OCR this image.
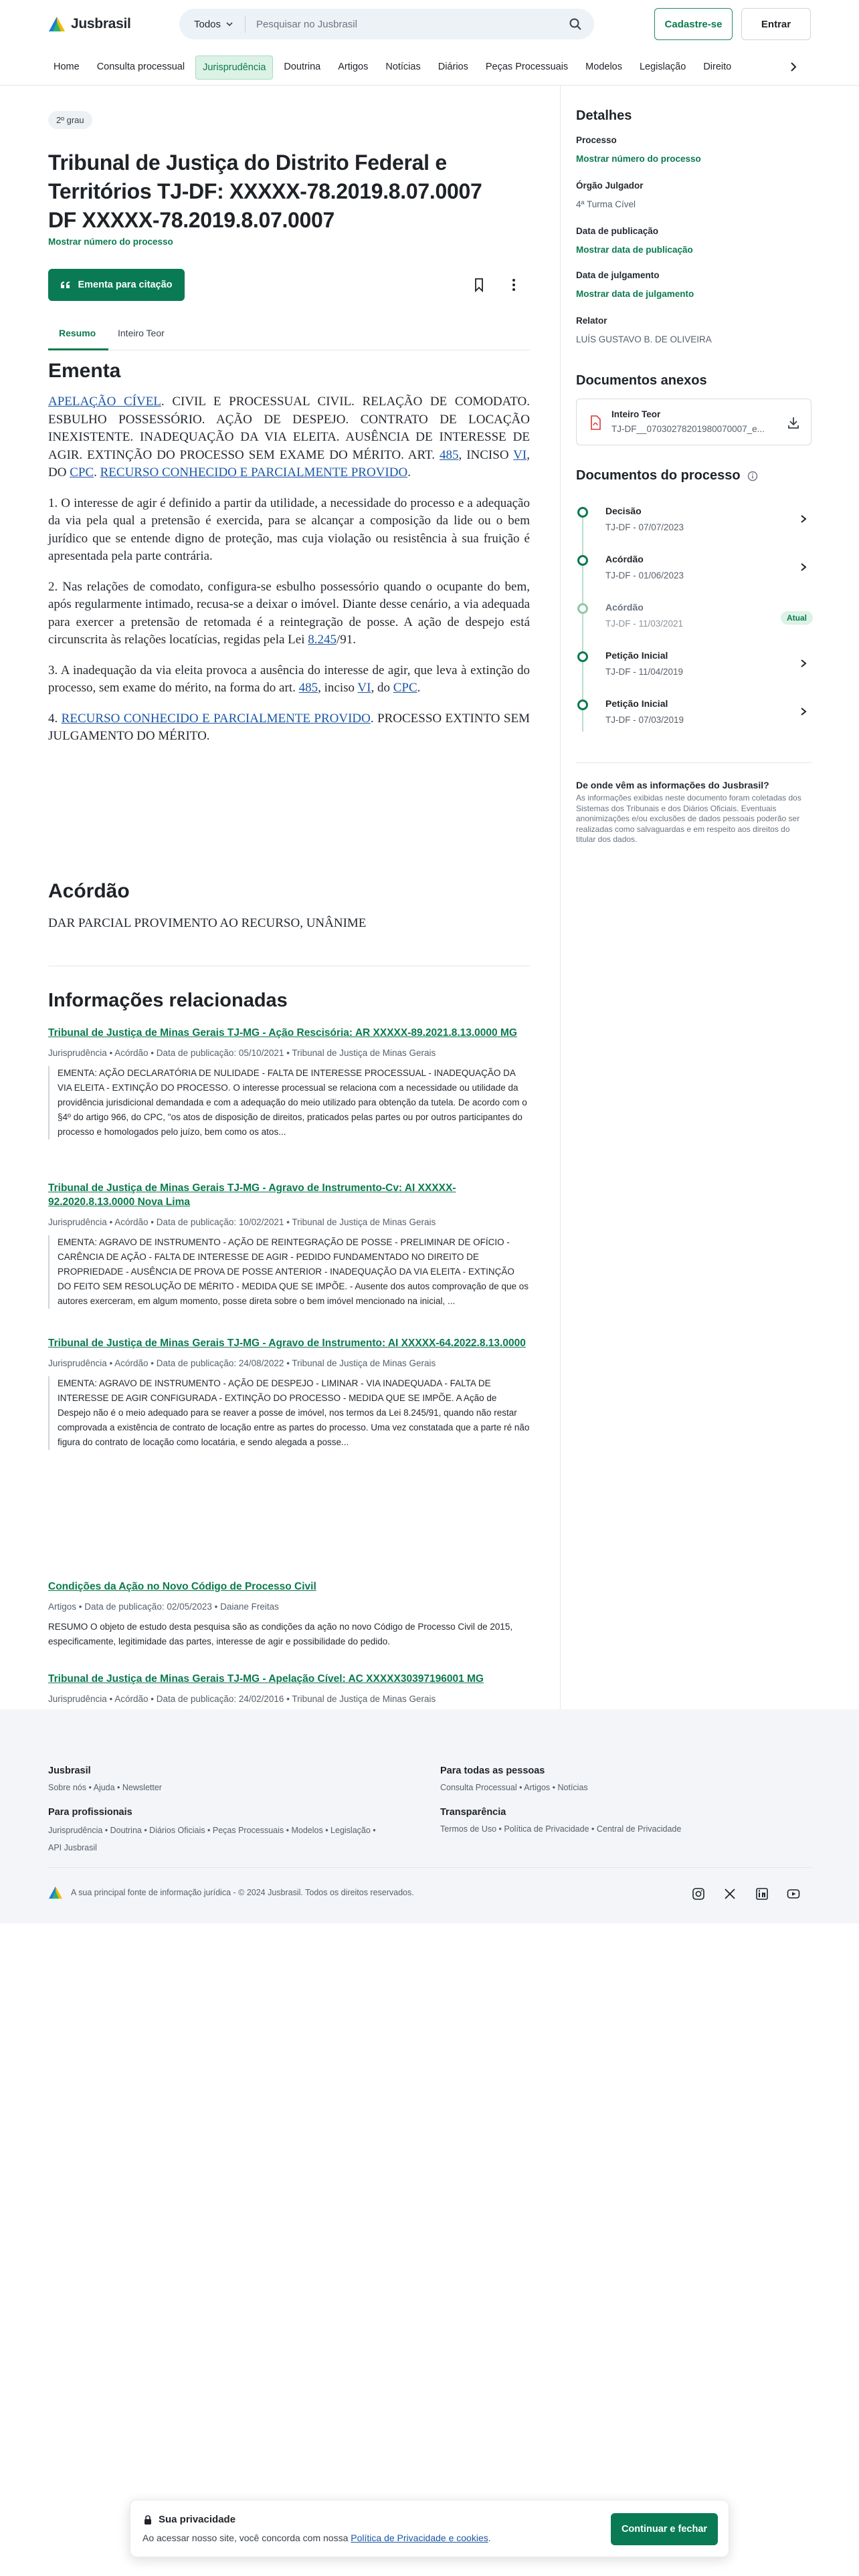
Jusbrasil	Todos
Pesquisar no Jusbrasil	Cadastre-se	Entrar
Home	Consulta processual	Jurisprudência	Doutrina	Artigos	Notícias	Diários	Peças Processuais	Modelos	Legislação	Direito
2º grau
Tribunal de Justiça do Distrito Federal e
Territórios TJ-DF: XXXXX-78.2019.8.07.0007
DF XXXXX-78.2019.8.07.0007
Mostrar número do processo
Ementa para citação
Resumo Inteiro Teor
Ementa

APELAÇÃO CÍVEL. CIVIL E PROCESSUAL CIVIL. RELAÇÃO DE COMODATO. ESBULHO POSSESSÓRIO. AÇÃO DE DESPEJO. CONTRATO DE LOCAÇÃO INEXISTENTE. INADEQUAÇÃO DA VIA ELEITA. AUSÊNCIA DE INTERESSE DE AGIR. EXTINÇÃO DO PROCESSO SEM EXAME DO MÉRITO. ART. 485, INCISO VI, DO CPC. RECURSO CONHECIDO E PARCIALMENTE PROVIDO.

1. O interesse de agir é definido a partir da utilidade, a necessidade do processo e a adequação da via pela qual a pretensão é exercida, para se alcançar a composição da lide ou o bem jurídico que se entende digno de proteção, mas cuja violação ou resistência à sua fruição é apresentada pela parte contrária.

2. Nas relações de comodato, configura-se esbulho possessório quando o ocupante do bem, após regularmente intimado, recusa-se a deixar o imóvel. Diante desse cenário, a via adequada para exercer a pretensão de retomada é a reintegração de posse. A ação de despejo está circunscrita às relações locatícias, regidas pela Lei 8.245/91.

3. A inadequação da via eleita provoca a ausência do interesse de agir, que leva à extinção do processo, sem exame do mérito, na forma do art. 485, inciso VI, do CPC.

4. RECURSO CONHECIDO E PARCIALMENTE PROVIDO. PROCESSO EXTINTO SEM JULGAMENTO DO MÉRITO.

Acórdão

DAR PARCIAL PROVIMENTO AO RECURSO, UNÂNIME

Informações relacionadas
Tribunal de Justiça de Minas Gerais TJ-MG - Ação Rescisória: AR XXXXX-89.2021.8.13.0000 MG
Jurisprudência • Acórdão • Data de publicação: 05/10/2021 • Tribunal de Justiça de Minas Gerais
EMENTA: AÇÃO DECLARATÓRIA DE NULIDADE - FALTA DE INTERESSE PROCESSUAL - INADEQUAÇÃO DA VIA ELEITA - EXTINÇÃO DO PROCESSO. O interesse processual se relaciona com a necessidade ou utilidade da providência jurisdicional demandada e com a adequação do meio utilizado para obtenção da tutela. De acordo com o §4º do artigo 966, do CPC, "os atos de disposição de direitos, praticados pelas partes ou por outros participantes do processo e homologados pelo juízo, bem como os atos...
Tribunal de Justiça de Minas Gerais TJ-MG - Agravo de Instrumento-Cv: AI XXXXX-92.2020.8.13.0000 Nova Lima
Jurisprudência • Acórdão • Data de publicação: 10/02/2021 • Tribunal de Justiça de Minas Gerais
EMENTA: AGRAVO DE INSTRUMENTO - AÇÃO DE REINTEGRAÇÃO DE POSSE - PRELIMINAR DE OFÍCIO - CARÊNCIA DE AÇÃO - FALTA DE INTERESSE DE AGIR - PEDIDO FUNDAMENTADO NO DIREITO DE PROPRIEDADE - AUSÊNCIA DE PROVA DE POSSE ANTERIOR - INADEQUAÇÃO DA VIA ELEITA - EXTINÇÃO DO FEITO SEM RESOLUÇÃO DE MÉRITO - MEDIDA QUE SE IMPÕE. - Ausente dos autos comprovação de que os autores exerceram, em algum momento, posse direta sobre o bem imóvel mencionado na inicial, ...
Tribunal de Justiça de Minas Gerais TJ-MG - Agravo de Instrumento: AI XXXXX-64.2022.8.13.0000
Jurisprudência • Acórdão • Data de publicação: 24/08/2022 • Tribunal de Justiça de Minas Gerais
EMENTA: AGRAVO DE INSTRUMENTO - AÇÃO DE DESPEJO - LIMINAR - VIA INADEQUADA - FALTA DE INTERESSE DE AGIR CONFIGURADA - EXTINÇÃO DO PROCESSO - MEDIDA QUE SE IMPÕE. A Ação de Despejo não é o meio adequado para se reaver a posse de imóvel, nos termos da Lei 8.245/91, quando não restar comprovada a existência de contrato de locação entre as partes do processo. Uma vez constatada que a parte ré não figura do contrato de locação como locatária, e sendo alegada a posse...
Condições da Ação no Novo Código de Processo Civil
Artigos • Data de publicação: 02/05/2023 • Daiane Freitas
RESUMO O objeto de estudo desta pesquisa são as condições da ação no novo Código de Processo Civil de 2015, especificamente, legitimidade das partes, interesse de agir e possibilidade do pedido.
Tribunal de Justiça de Minas Gerais TJ-MG - Apelação Cível: AC XXXXX30397196001 MG
Jurisprudência • Acórdão • Data de publicação: 24/02/2016 • Tribunal de Justiça de Minas Gerais
Detalhes
Processo
Mostrar número do processo
Órgão Julgador
4ª Turma Cível
Data de publicação
Mostrar data de publicação
Data de julgamento
Mostrar data de julgamento
Relator
LUÍS GUSTAVO B. DE OLIVEIRA
Documentos anexos
Inteiro Teor
TJ-DF__07030278201980070007_e...
Documentos do processo
Decisão
TJ-DF - 07/07/2023
Acórdão
TJ-DF - 01/06/2023
Acórdão
TJ-DF - 11/03/2021
Atual
Petição Inicial
TJ-DF - 11/04/2019
Petição Inicial
TJ-DF - 07/03/2019
De onde vêm as informações do Jusbrasil?

As informações exibidas neste documento foram coletadas dos Sistemas dos Tribunais e dos Diários Oficiais. Eventuais anonimizações e/ou exclusões de dados pessoais poderão ser realizadas como salvaguardas e em respeito aos direitos do titular dos dados.

Jusbrasil
Sobre nós • Ajuda • Newsletter
Para todas as pessoas
Consulta Processual • Artigos • Notícias
Para profissionais
Jurisprudência • Doutrina • Diários Oficiais • Peças Processuais • Modelos • Legislação •
API Jusbrasil
Transparência
Termos de Uso • Política de Privacidade • Central de Privacidade
A sua principal fonte de informação jurídica - © 2024 Jusbrasil. Todos os direitos reservados.
Sua privacidade
Ao acessar nosso site, você concorda com nossa Política de Privacidade e cookies.
Continuar e fechar
